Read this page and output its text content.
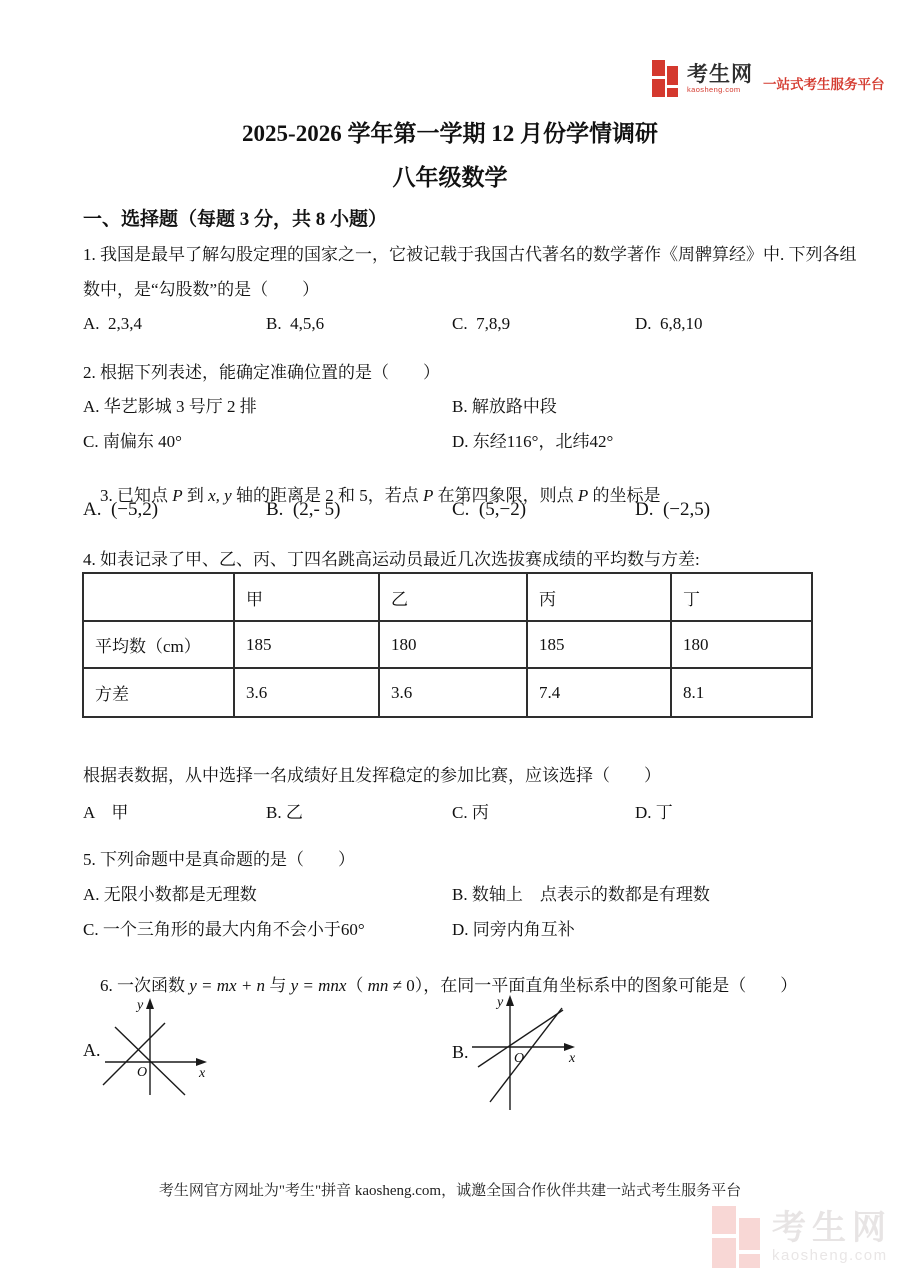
考生网
kaosheng.com	一站式考生服务平台
2025-2026 学年第一学期 12 月份学情调研
八年级数学
一、选择题（每题 3 分，共 8 小题）
1. 我国是最早了解勾股定理的国家之一，它被记载于我国古代著名的数学著作《周髀算经》中. 下列各组
数中，是“勾股数”的是（　　）
A.  2,3,4	B.  4,5,6	C.  7,8,9	D.  6,8,10
2. 根据下列表述，能确定准确位置的是（　　）
A. 华艺影城 3 号厅 2 排	B. 解放路中段
C. 南偏东 40°	D. 东经116°，北纬42°

3. 已知点 P 到 x, y 轴的距离是 2 和 5，若点 P 在第四象限，则点 P 的坐标是

A.  (−5,2)	B.  (2,- 5)	C.  (5,−2)	D.  (−2,5)
4. 如表记录了甲、乙、丙、丁四名跳高运动员最近几次选拔赛成绩的平均数与方差:
	甲	乙	丙	丁
平均数（cm）	185	180	185	180
方差	3.6	3.6	7.4	8.1
根据表数据，从中选择一名成绩好且发挥稳定的参加比赛，应该选择（　　）
A　甲	B. 乙	C. 丙	D. 丁
5. 下列命题中是真命题的是（　　）
A. 无限小数都是无理数	B. 数轴上　点表示的数都是有理数
C. 一个三角形的最大内角不会小于60°	D. 同旁内角互补

6. 一次函数 y = mx + n 与 y = mnx（ mn ≠ 0），在同一平面直角坐标系中的图象可能是（　　）

A.
y
x
O
B.
y
x
O
考生网官方网址为"考生"拼音 kaosheng.com，诚邀全国合作伙伴共建一站式考生服务平台
考生网
kaosheng.com
